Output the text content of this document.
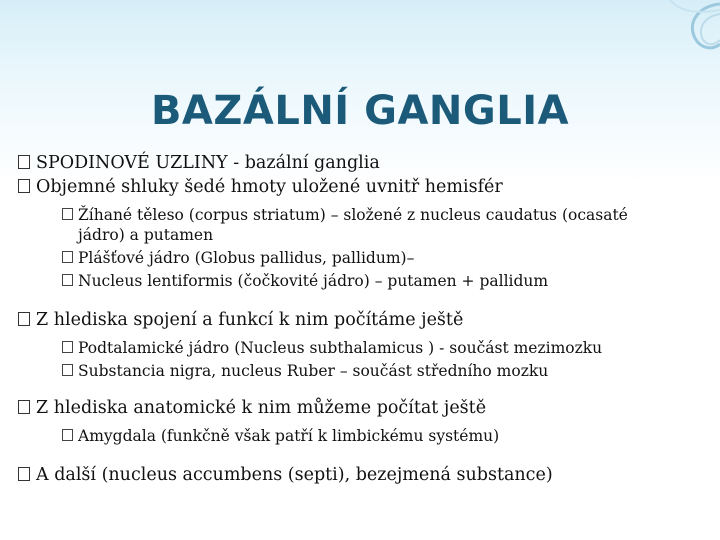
BAZÁLNÍ GANGLIA
SPODINOVÉ UZLINY - bazální ganglia
Objemné shluky šedé hmoty uložené uvnitř hemisfér
Žíhané těleso (corpus striatum) – složené z nucleus caudatus (ocasaté jádro) a putamen
Plášťové jádro (Globus pallidus, pallidum)–
Nucleus lentiformis (čočkovité jádro) – putamen + pallidum
Z hlediska spojení a funkcí k nim počítáme ještě
Podtalamické jádro (Nucleus subthalamicus ) - součást mezimozku
Substancia nigra, nucleus Ruber – součást středního mozku
Z hlediska anatomické k nim můžeme počítat ještě
Amygdala (funkčně však patří k limbickému systému)
A další (nucleus accumbens (septi), bezejmená substance)
